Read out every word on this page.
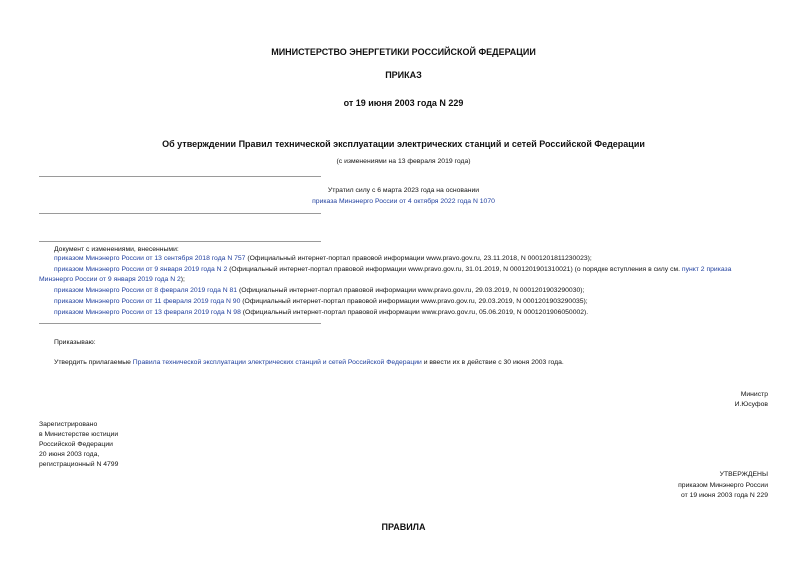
МИНИСТЕРСТВО ЭНЕРГЕТИКИ РОССИЙСКОЙ ФЕДЕРАЦИИ
ПРИКАЗ
от 19 июня 2003 года N 229
Об утверждении Правил технической эксплуатации электрических станций и сетей Российской Федерации
(с изменениями на 13 февраля 2019 года)
Утратил силу с 6 марта 2023 года на основании
приказа Минэнерго России от 4 октября 2022 года N 1070
Документ с изменениями, внесенными:
приказом Минэнерго России от 13 сентября 2018 года N 757 (Официальный интернет-портал правовой информации www.pravo.gov.ru, 23.11.2018, N 0001201811230023);
приказом Минэнерго России от 9 января 2019 года N 2 (Официальный интернет-портал правовой информации www.pravo.gov.ru, 31.01.2019, N 0001201901310021) (о порядке вступления в силу см. пункт 2 приказа
Минэнерго России от 9 января 2019 года N 2);
приказом Минэнерго России от 8 февраля 2019 года N 81 (Официальный интернет-портал правовой информации www.pravo.gov.ru, 29.03.2019, N 0001201903290030);
приказом Минэнерго России от 11 февраля 2019 года N 90 (Официальный интернет-портал правовой информации www.pravo.gov.ru, 29.03.2019, N 0001201903290035);
приказом Минэнерго России от 13 февраля 2019 года N 98 (Официальный интернет-портал правовой информации www.pravo.gov.ru, 05.06.2019, N 0001201906050002).
Приказываю:
Утвердить прилагаемые Правила технической эксплуатации электрических станций и сетей Российской Федерации и ввести их в действие с 30 июня 2003 года.
Министр
И.Юсуфов
Зарегистрировано
в Министерстве юстиции
Российской Федерации
20 июня 2003 года,
регистрационный N 4799
УТВЕРЖДЕНЫ
приказом Минэнерго России
от 19 июня 2003 года N 229
ПРАВИЛА
